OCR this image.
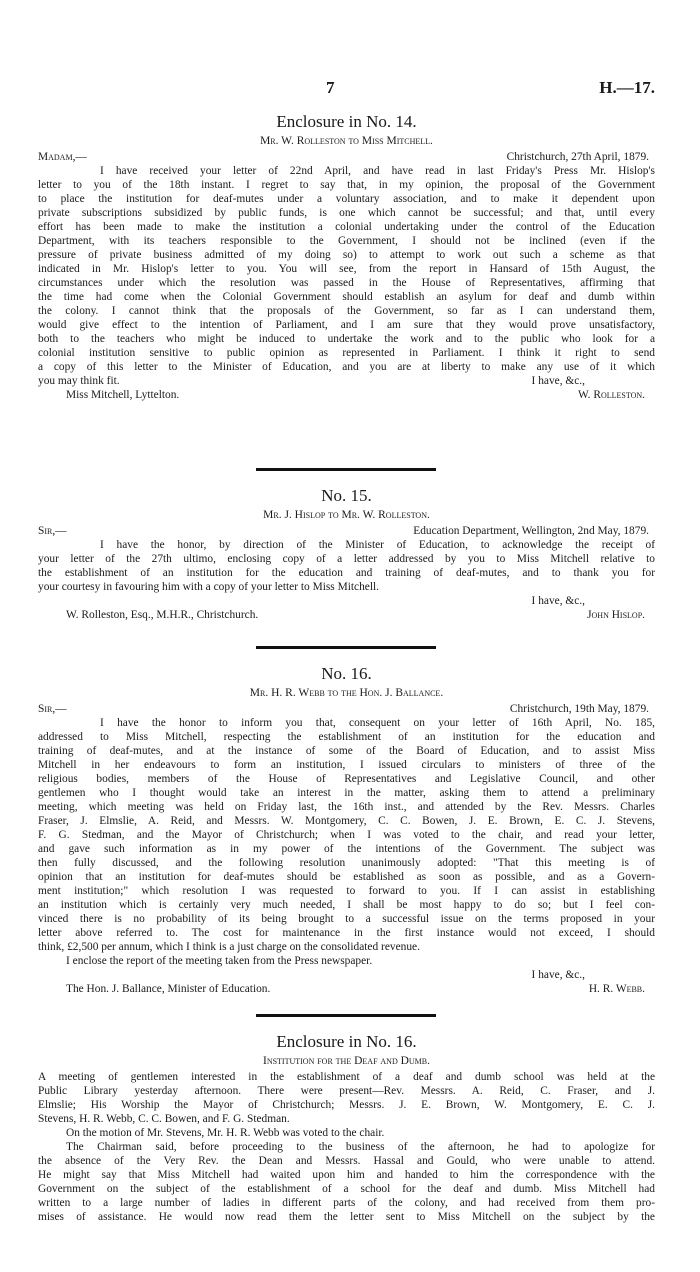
7	H.—17.
Enclosure in No. 14.
Mr. W. Rolleston to Miss Mitchell.
Madam,—	Christchurch, 27th April, 1879.
I have received your letter of 22nd April, and have read in last Friday's Press Mr. Hislop's
letter to you of the 18th instant. I regret to say that, in my opinion, the proposal of the Government
to place the institution for deaf-mutes under a voluntary association, and to make it dependent upon
private subscriptions subsidized by public funds, is one which cannot be successful; and that, until every
effort has been made to make the institution a colonial undertaking under the control of the Education
Department, with its teachers responsible to the Government, I should not be inclined (even if the
pressure of private business admitted of my doing so) to attempt to work out such a scheme as that
indicated in Mr. Hislop's letter to you. You will see, from the report in Hansard of 15th August, the
circumstances under which the resolution was passed in the House of Representatives, affirming that
the time had come when the Colonial Government should establish an asylum for deaf and dumb within
the colony. I cannot think that the proposals of the Government, so far as I can understand them,
would give effect to the intention of Parliament, and I am sure that they would prove unsatisfactory,
both to the teachers who might be induced to undertake the work and to the public who look for a
colonial institution sensitive to public opinion as represented in Parliament. I think it right to send
a copy of this letter to the Minister of Education, and you are at liberty to make any use of it which
you may think fit.	I have, &c.,
Miss Mitchell, Lyttelton.	W. Rolleston.
No. 15.
Mr. J. Hislop to Mr. W. Rolleston.
Sir,—	Education Department, Wellington, 2nd May, 1879.
I have the honor, by direction of the Minister of Education, to acknowledge the receipt of
your letter of the 27th ultimo, enclosing copy of a letter addressed by you to Miss Mitchell relative to
the establishment of an institution for the education and training of deaf-mutes, and to thank you for
your courtesy in favouring him with a copy of your letter to Miss Mitchell.
I have, &c.,
W. Rolleston, Esq., M.H.R., Christchurch.	John Hislop.
No. 16.
Mr. H. R. Webb to the Hon. J. Ballance.
Sir,—	Christchurch, 19th May, 1879.
I have the honor to inform you that, consequent on your letter of 16th April, No. 185,
addressed to Miss Mitchell, respecting the establishment of an institution for the education and
training of deaf-mutes, and at the instance of some of the Board of Education, and to assist Miss
Mitchell in her endeavours to form an institution, I issued circulars to ministers of three of the
religious bodies, members of the House of Representatives and Legislative Council, and other
gentlemen who I thought would take an interest in the matter, asking them to attend a preliminary
meeting, which meeting was held on Friday last, the 16th inst., and attended by the Rev. Messrs. Charles
Fraser, J. Elmslie, A. Reid, and Messrs. W. Montgomery, C. C. Bowen, J. E. Brown, E. C. J. Stevens,
F. G. Stedman, and the Mayor of Christchurch; when I was voted to the chair, and read your letter,
and gave such information as in my power of the intentions of the Government. The subject was
then fully discussed, and the following resolution unanimously adopted: "That this meeting is of
opinion that an institution for deaf-mutes should be established as soon as possible, and as a Govern-
ment institution;" which resolution I was requested to forward to you. If I can assist in establishing
an institution which is certainly very much needed, I shall be most happy to do so; but I feel con-
vinced there is no probability of its being brought to a successful issue on the terms proposed in your
letter above referred to. The cost for maintenance in the first instance would not exceed, I should
think, £2,500 per annum, which I think is a just charge on the consolidated revenue.
I enclose the report of the meeting taken from the Press newspaper.
I have, &c.,
The Hon. J. Ballance, Minister of Education.	H. R. Webb.
Enclosure in No. 16.
Institution for the Deaf and Dumb.
A meeting of gentlemen interested in the establishment of a deaf and dumb school was held at the
Public Library yesterday afternoon. There were present—Rev. Messrs. A. Reid, C. Fraser, and J.
Elmslie; His Worship the Mayor of Christchurch; Messrs. J. E. Brown, W. Montgomery, E. C. J.
Stevens, H. R. Webb, C. C. Bowen, and F. G. Stedman.
On the motion of Mr. Stevens, Mr. H. R. Webb was voted to the chair.
The Chairman said, before proceeding to the business of the afternoon, he had to apologize for
the absence of the Very Rev. the Dean and Messrs. Hassal and Gould, who were unable to attend.
He might say that Miss Mitchell had waited upon him and handed to him the correspondence with the
Government on the subject of the establishment of a school for the deaf and dumb. Miss Mitchell had
written to a large number of ladies in different parts of the colony, and had received from them pro-
mises of assistance. He would now read them the letter sent to Miss Mitchell on the subject by the
